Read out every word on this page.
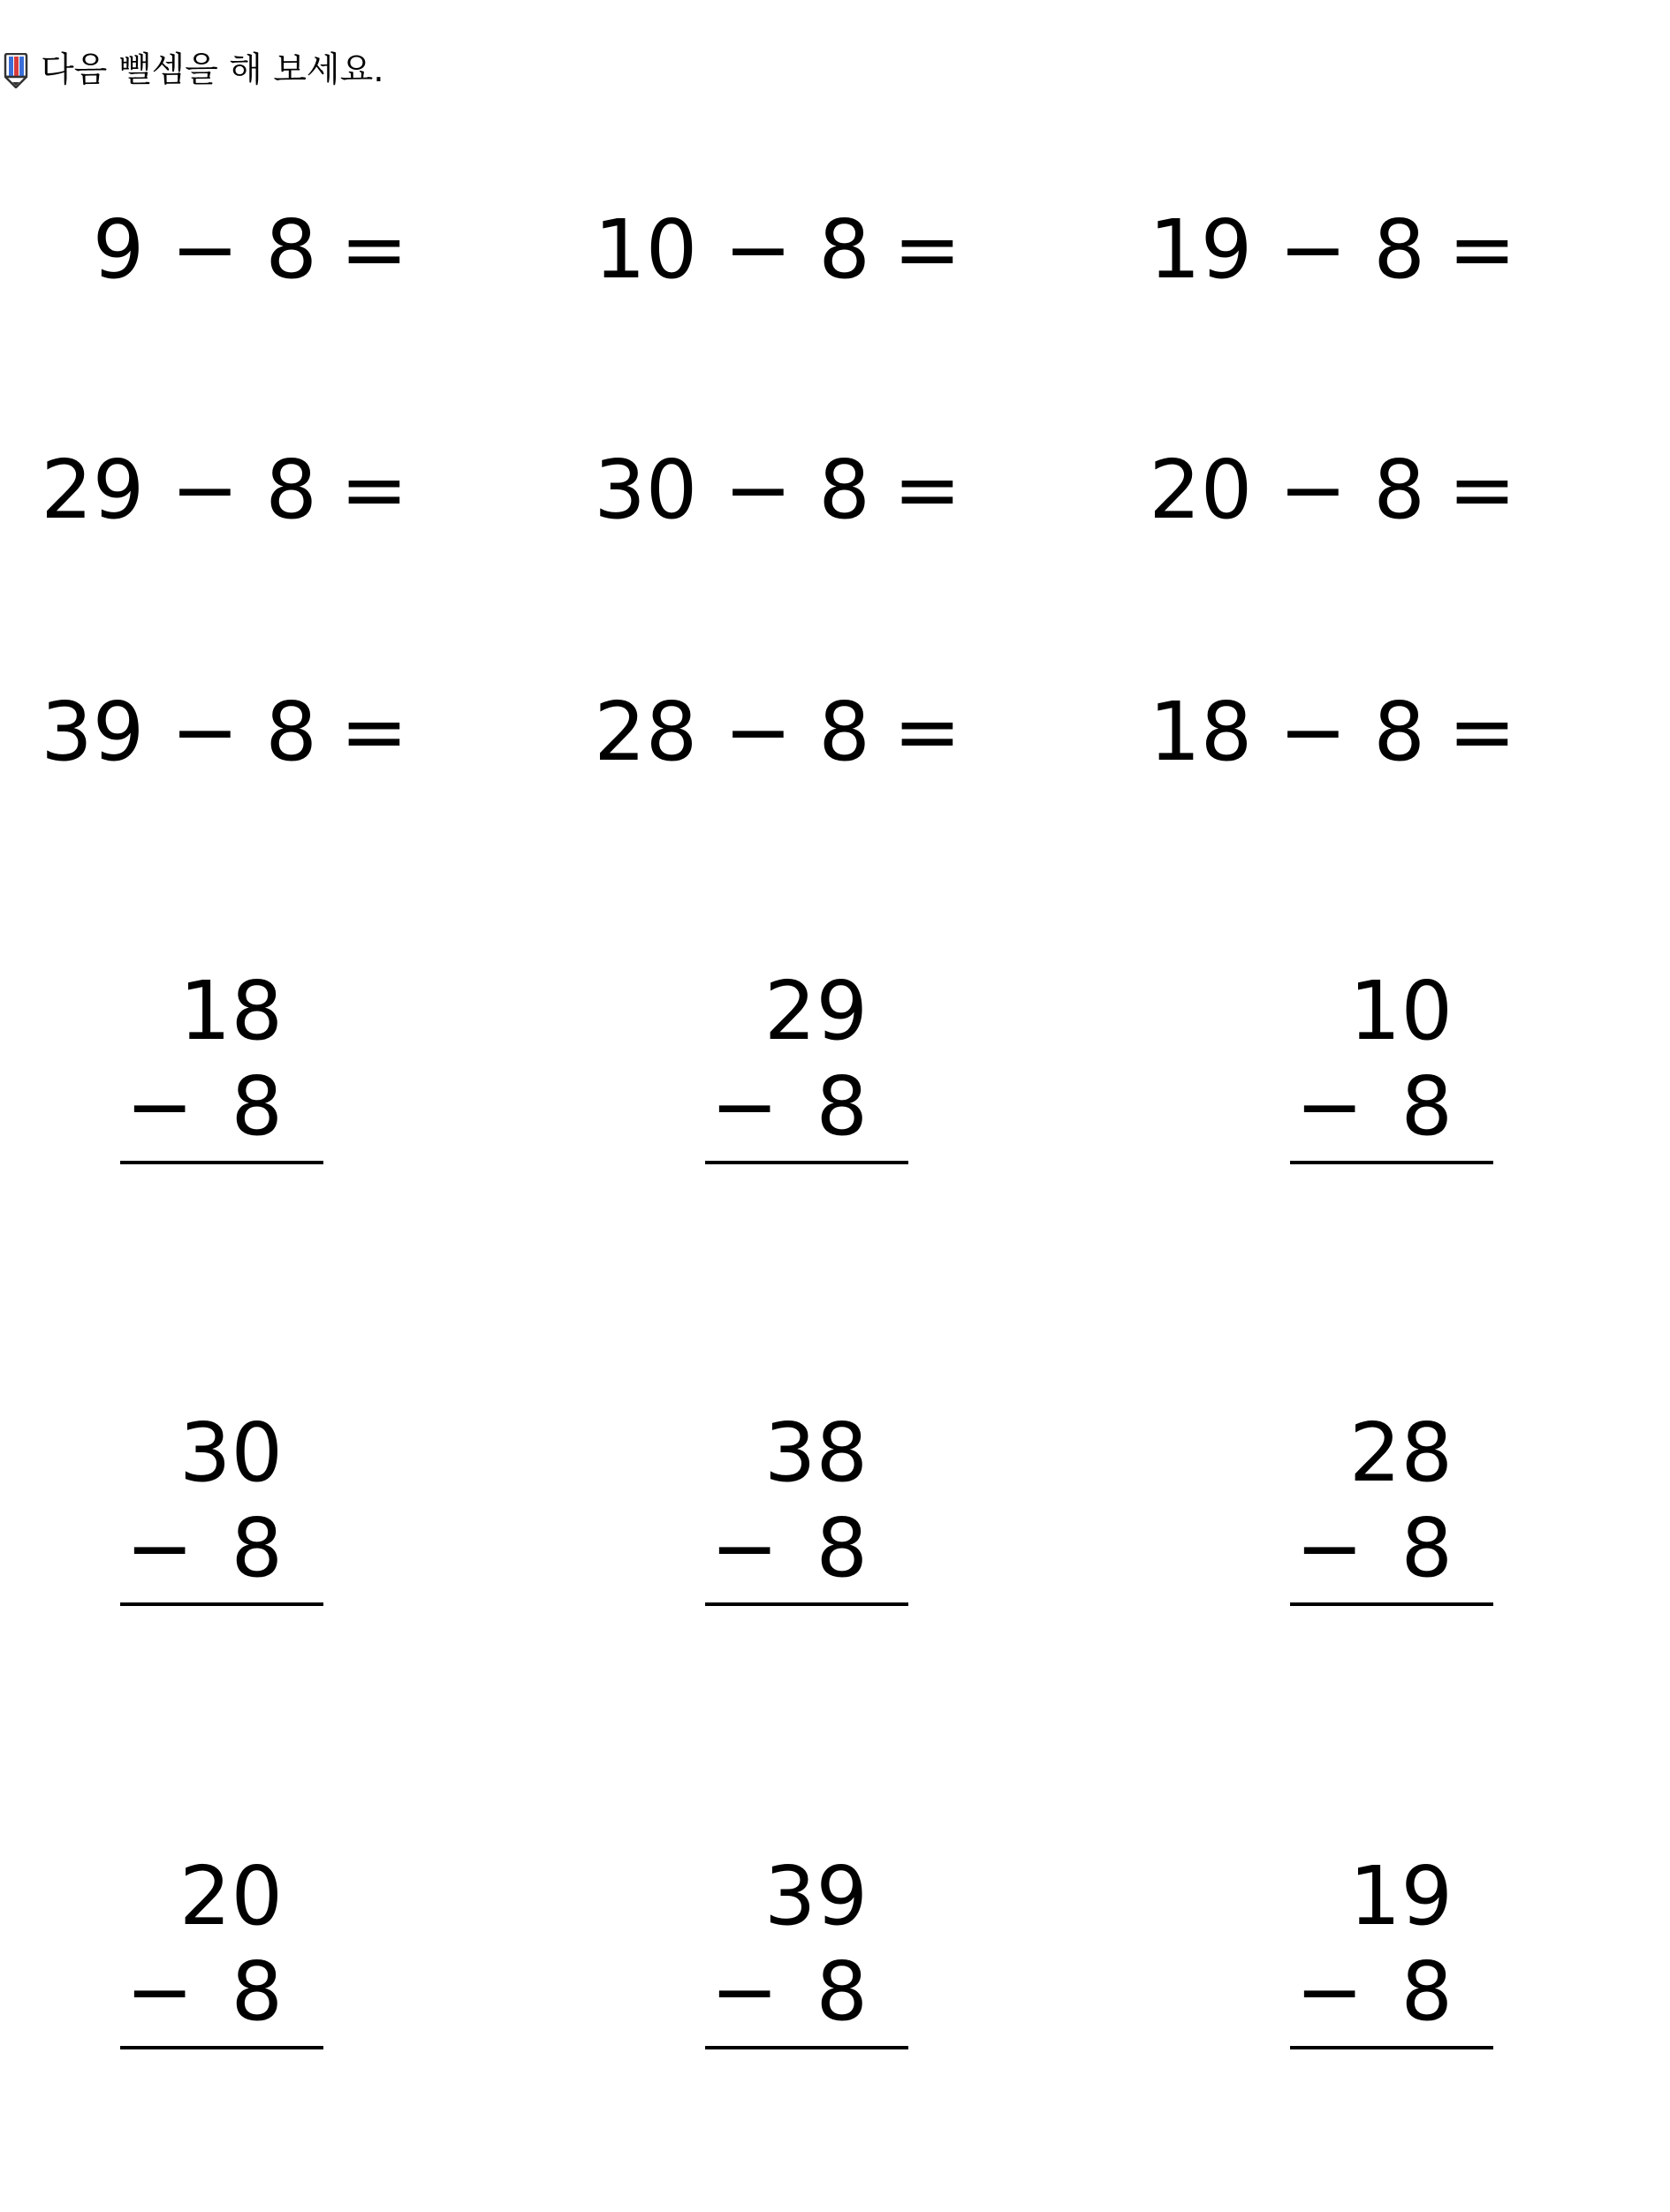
다음 뺄셈을 해 보세요.
9 − 8 = 10 − 8 = 19 − 8 =
29 − 8 = 30 − 8 = 20 − 8 =
39 − 8 = 28 − 8 = 18 − 8 =
18
− 8
29
− 8
10
− 8
30
− 8
38
− 8
28
− 8
20
− 8
39
− 8
19
− 8
